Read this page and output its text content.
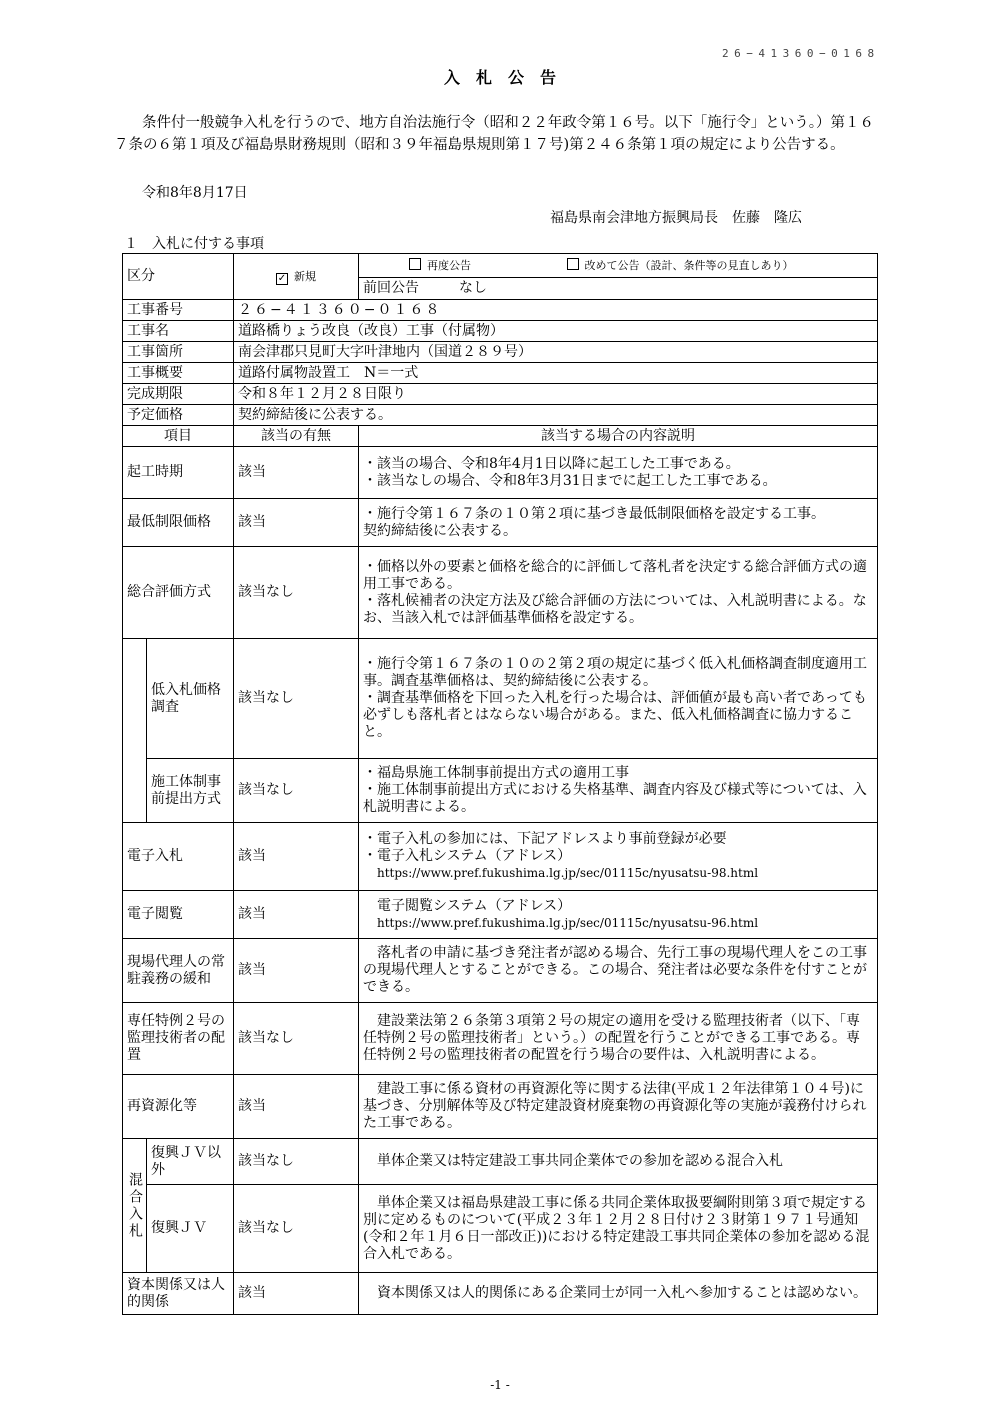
26−41360−0168
入札公告
条件付一般競争入札を行うので、地方自治法施行令（昭和２２年政令第１６号。以下「施行令」という。）第１６７条の６第１項及び福島県財務規則（昭和３９年福島県規則第１７号)第２４６条第１項の規定により公告する。
令和8年8月17日
福島県南会津地方振興局長　佐藤　隆広
１　入札に付する事項
区分		✓ 新規	再度公告 改めて公告（設計、条件等の見直しあり）
			前回公告 なし
工事番号		２６−４１３６０−０１６８	
工事名		道路橋りょう改良（改良）工事（付属物）	
工事箇所		南会津郡只見町大字叶津地内（国道２８９号）	
工事概要		道路付属物設置工　N＝一式	
完成期限		令和８年１２月２８日限り	
予定価格		契約締結後に公表する。	
項目		該当の有無	該当する場合の内容説明
起工時期		該当	・該当の場合、令和8年4月1日以降に起工した工事である。
・該当なしの場合、令和8年3月31日までに起工した工事である。

最低制限価格		該当	・施行令第１６７条の１０第２項に基づき最低制限価格を設定する工事。
契約締結後に公表する。

総合評価方式		該当なし	・価格以外の要素と価格を総合的に評価して落札者を決定する総合評価方式の適用工事である。
・落札候補者の決定方法及び総合評価の方法については、入札説明書による。なお、当該入札では評価基準価格を設定する。

	低入札価格調査	該当なし	・施行令第１６７条の１０の２第２項の規定に基づく低入札価格調査制度適用工事。調査基準価格は、契約締結後に公表する。
・調査基準価格を下回った入札を行った場合は、評価値が最も高い者であっても必ずしも落札者とはならない場合がある。また、低入札価格調査に協力すること。

	施工体制事前提出方式	該当なし	・福島県施工体制事前提出方式の適用工事
・施工体制事前提出方式における失格基準、調査内容及び様式等については、入札説明書による。

電子入札		該当	・電子入札の参加には、下記アドレスより事前登録が必要
・電子入札システム（アドレス）
https://www.pref.fukushima.lg.jp/sec/01115c/nyusatsu-98.html

電子閲覧		該当	電子閲覧システム（アドレス）
https://www.pref.fukushima.lg.jp/sec/01115c/nyusatsu-96.html

現場代理人の常駐義務の緩和		該当	落札者の申請に基づき発注者が認める場合、先行工事の現場代理人をこの工事の現場代理人とすることができる。この場合、発注者は必要な条件を付すことができる。
専任特例２号の監理技術者の配置		該当なし	建設業法第２６条第３項第２号の規定の適用を受ける監理技術者（以下、「専任特例２号の監理技術者」という。）の配置を行うことができる工事である。専任特例２号の監理技術者の配置を行う場合の要件は、入札説明書による。
再資源化等		該当	建設工事に係る資材の再資源化等に関する法律(平成１２年法律第１０４号)に基づき、分別解体等及び特定建設資材廃棄物の再資源化等の実施が義務付けられた工事である。

混合入札	復興ＪＶ以外	該当なし	単体企業又は特定建設工事共同企業体での参加を認める混合入札
	復興ＪＶ	該当なし	単体企業又は福島県建設工事に係る共同企業体取扱要綱附則第３項で規定する別に定めるものについて(平成２３年１２月２８日付け２３財第１９７１号通知(令和２年１月６日一部改正))における特定建設工事共同企業体の参加を認める混合入札である。
資本関係又は人的関係		該当	資本関係又は人的関係にある企業同士が同一入札へ参加することは認めない。
-1 -
